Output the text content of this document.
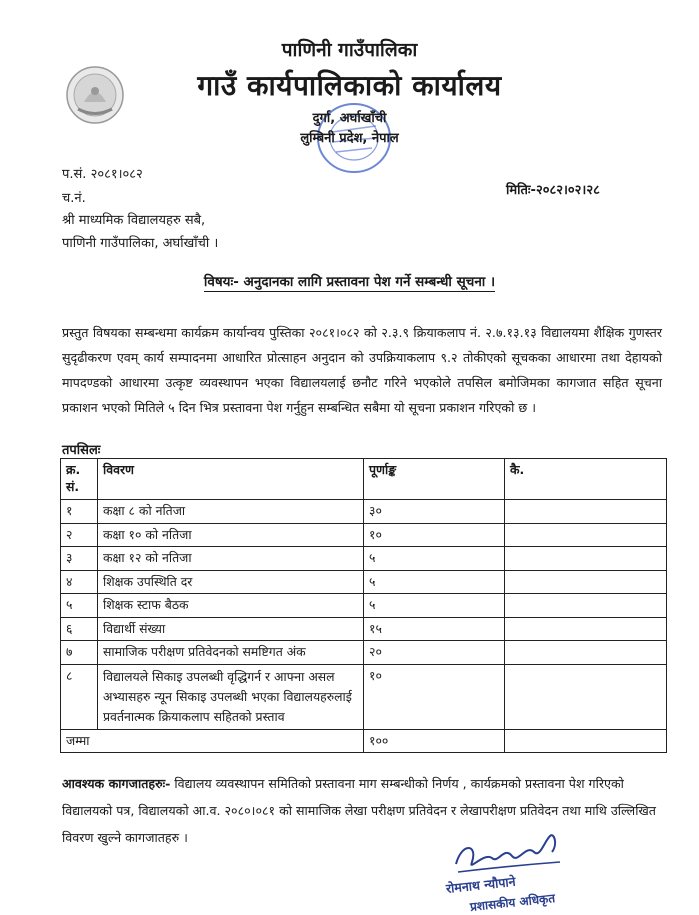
पाणिनी गाउँपालिका
गाउँ कार्यपालिकाको कार्यालय
दुर्गा, अर्घाखाँची
लुम्बिनी प्रदेश, नेपाल
प.सं. २०८१।०८२
च.नं.
मितिः-२०८२।०२।२८
श्री माध्यमिक विद्यालयहरु सबै,
पाणिनी गाउँपालिका, अर्घाखाँची ।
विषयः- अनुदानका लागि प्रस्तावना पेश गर्ने सम्बन्धी सूचना ।
प्रस्तुत विषयका सम्बन्धमा कार्यक्रम कार्यान्वय पुस्तिका २०८१।०८२ को २.३.९ क्रियाकलाप नं. २.७.१३.१३ विद्यालयमा शैक्षिक गुणस्तर सुदृढीकरण एवम् कार्य सम्पादनमा आधारित प्रोत्साहन अनुदान को उपक्रियाकलाप ९.२ तोकीएको सूचकका आधारमा तथा देहायको मापदण्डको आधारमा उत्कृष्ट व्यवस्थापन भएका विद्यालयलाई छनौट गरिने भएकोले तपसिल बमोजिमका कागजात सहित सूचना प्रकाशन भएको मितिले ५ दिन भित्र प्रस्तावना पेश गर्नुहुन सम्बन्धित सबैमा यो सूचना प्रकाशन गरिएको छ ।
तपसिलः
क्र. सं.	विवरण	पूर्णाङ्क	कै.
१	कक्षा ८ को नतिजा	३०	
२	कक्षा १० को नतिजा	१०	
३	कक्षा १२ को नतिजा	५	
४	शिक्षक उपस्थिति दर	५	
५	शिक्षक स्टाफ बैठक	५	
६	विद्यार्थी संख्या	१५	
७	सामाजिक परीक्षण प्रतिवेदनको समष्टिगत अंक	२०	
८	विद्यालयले सिकाइ उपलब्धी वृद्धिगर्न र आफ्ना असल अभ्यासहरु न्यून सिकाइ उपलब्धी भएका विद्यालयहरुलाई प्रवर्तनात्मक क्रियाकलाप सहितको प्रस्ताव	१०	
जम्मा		१००	
आवश्यक कागजातहरुः- विद्यालय व्यवस्थापन समितिको प्रस्तावना माग सम्बन्धीको निर्णय , कार्यक्रमको प्रस्तावना पेश गरिएको विद्यालयको पत्र, विद्यालयको आ.व. २०८०।०८१ को सामाजिक लेखा परीक्षण प्रतिवेदन र लेखापरीक्षण प्रतिवेदन तथा माथि उल्लिखित विवरण खुल्ने कागजातहरु ।
रोमनाथ न्यौपाने
प्रशासकीय अधिकृत
